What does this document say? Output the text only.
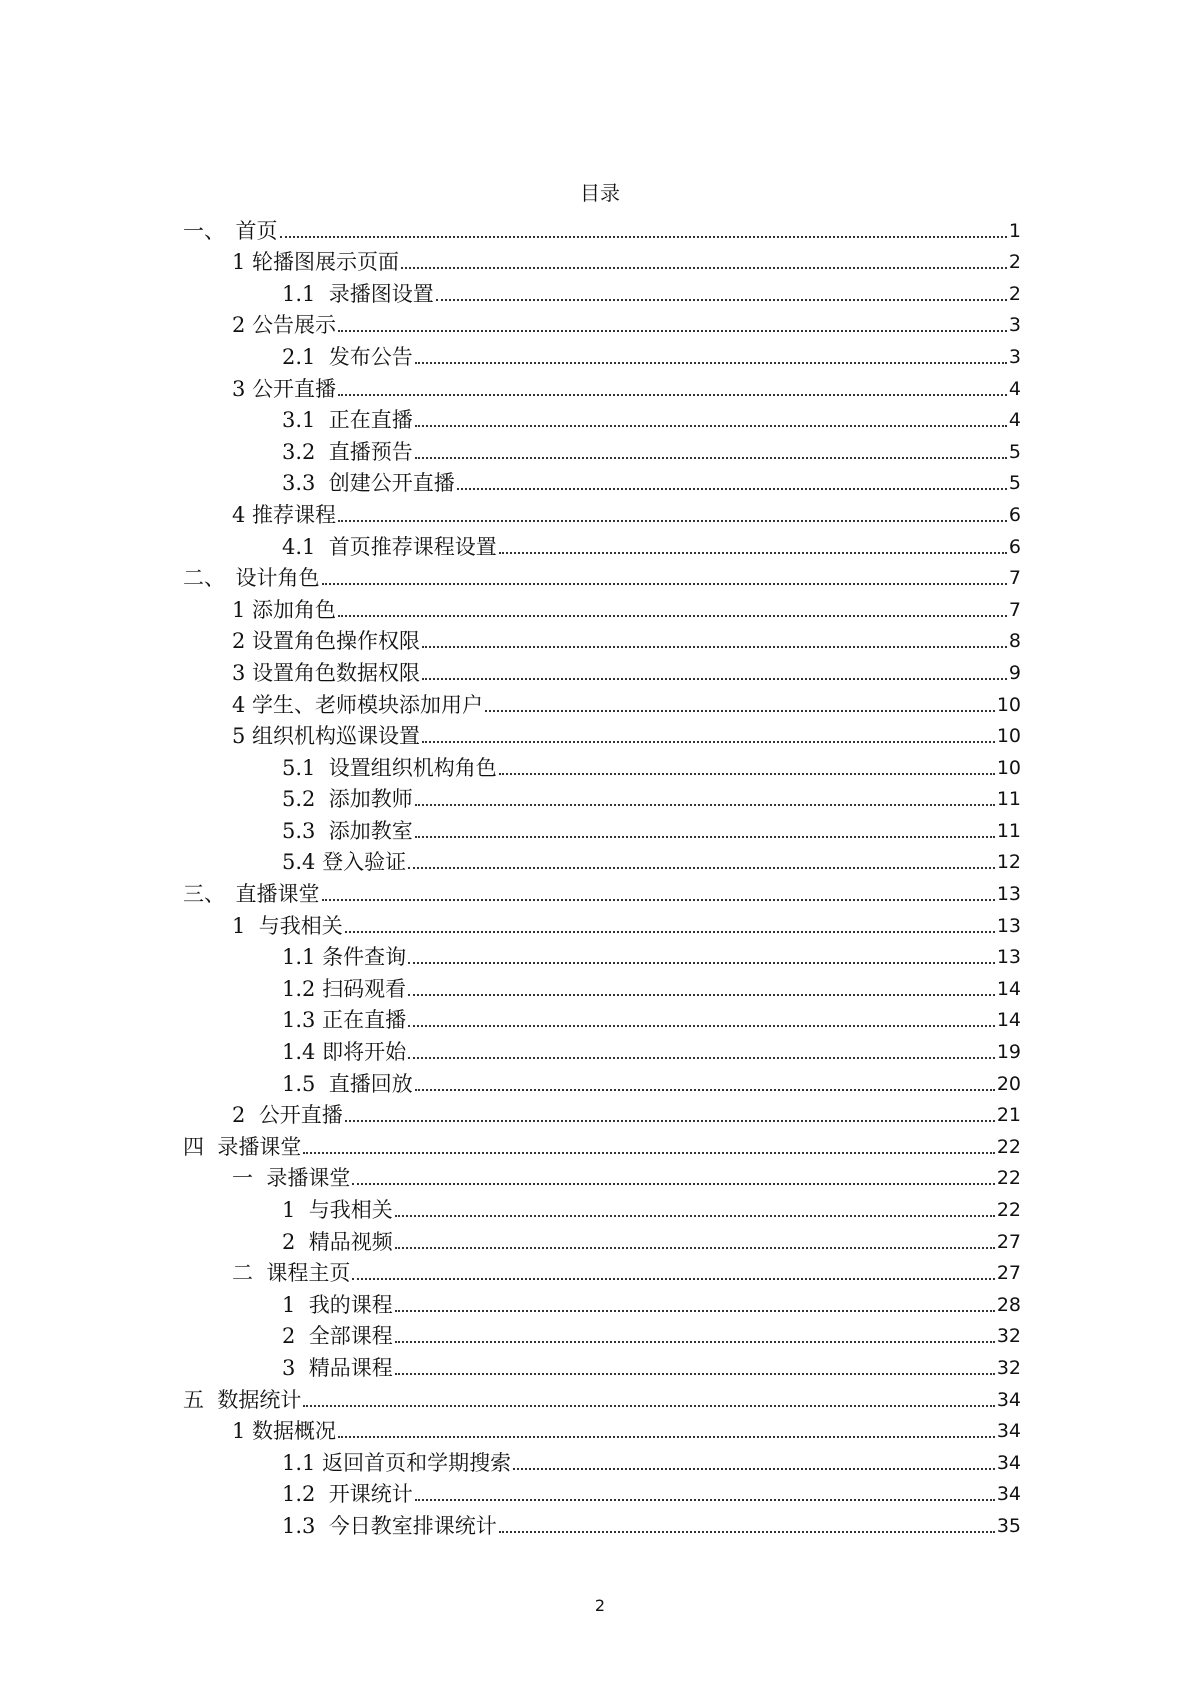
目录
一、　首页	1
1 轮播图展示页面	2
1.1  录播图设置	2
2 公告展示	3
2.1  发布公告	3
3 公开直播	4
3.1  正在直播	4
3.2  直播预告	5
3.3  创建公开直播	5
4 推荐课程	6
4.1  首页推荐课程设置	6
二、　设计角色	7
1 添加角色	7
2 设置角色操作权限	8
3 设置角色数据权限	9
4 学生、老师模块添加用户	10
5 组织机构巡课设置	10
5.1  设置组织机构角色	10
5.2  添加教师	11
5.3  添加教室	11
5.4 登入验证	12
三、　直播课堂	13
1  与我相关	13
1.1 条件查询	13
1.2 扫码观看	14
1.3 正在直播	14
1.4 即将开始	19
1.5  直播回放	20
2  公开直播	21
四  录播课堂	22
一  录播课堂	22
1  与我相关	22
2  精品视频	27
二  课程主页	27
1  我的课程	28
2  全部课程	32
3  精品课程	32
五  数据统计	34
1 数据概况	34
1.1 返回首页和学期搜索	34
1.2  开课统计	34
1.3  今日教室排课统计	35
2
